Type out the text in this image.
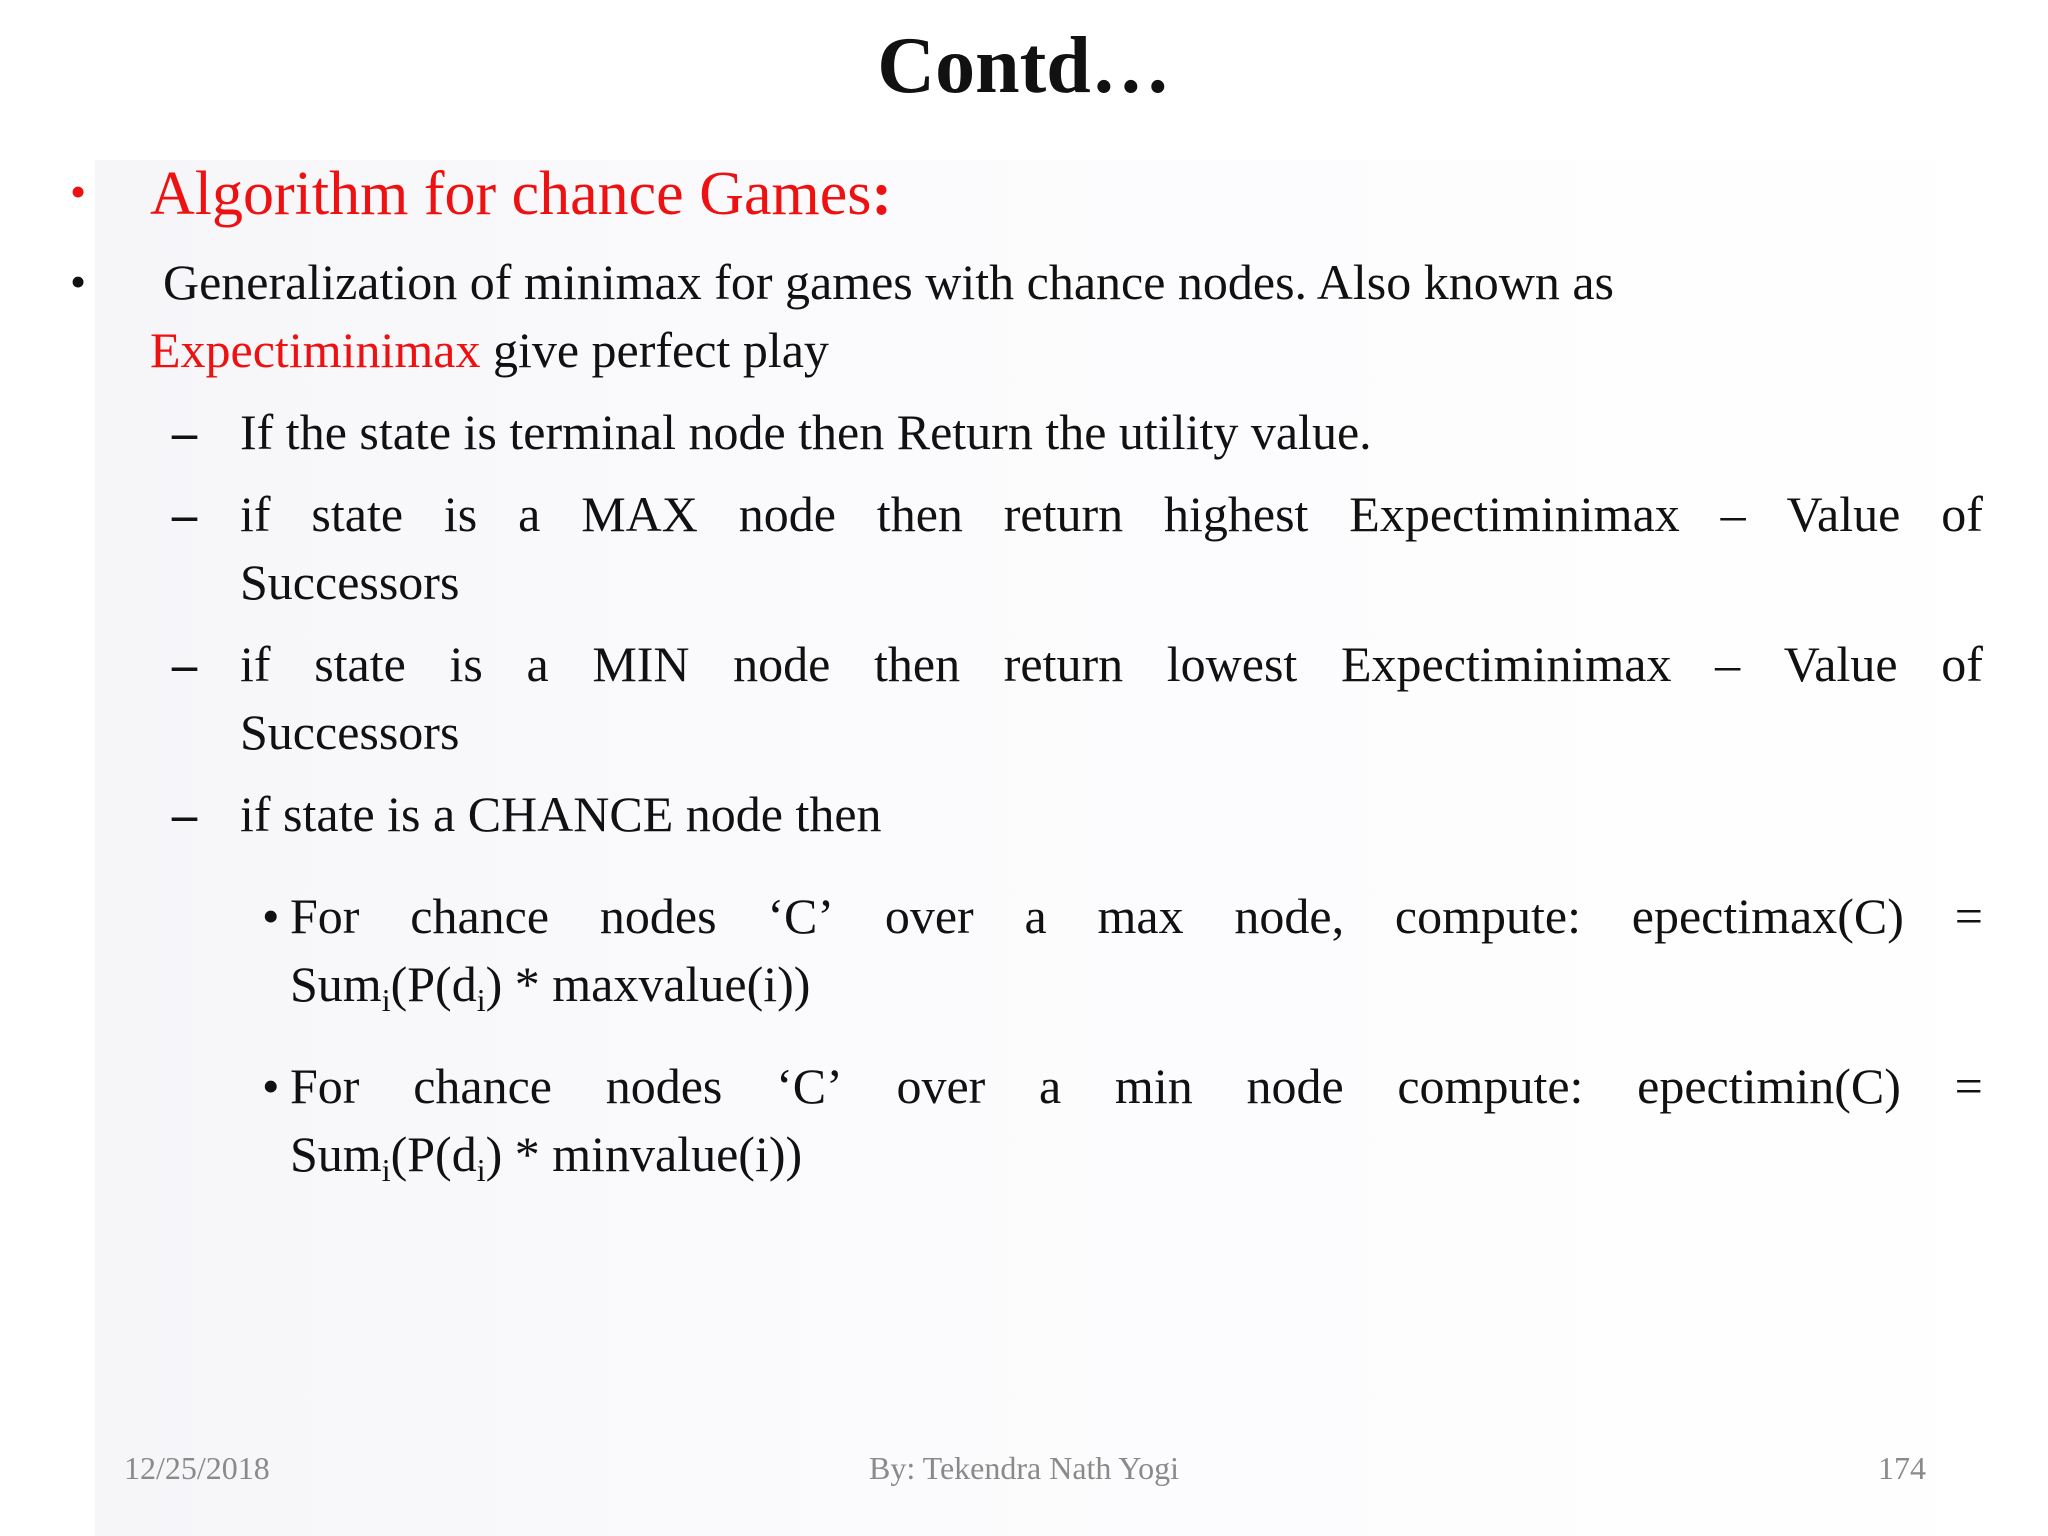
Contd…
• Algorithm for chance Games:
• Generalization of minimax for games with chance nodes. Also known as
Expectiminimax give perfect play
– If the state is terminal node then Return the utility value.
– if state is a MAX node then return highest Expectiminimax – Value of
Successors
– if state is a MIN node then return lowest Expectiminimax – Value of
Successors
– if state is a CHANCE node then
• For chance nodes ‘C’ over a max node, compute: epectimax(C) =
$Sum_i(P(d_i)$ * maxvalue(i))
• For chance nodes ‘C’ over a min node compute: epectimin(C) =
$Sum_i(P(d_i)$ * minvalue(i))
12/25/2018	By: Tekendra Nath Yogi	174
